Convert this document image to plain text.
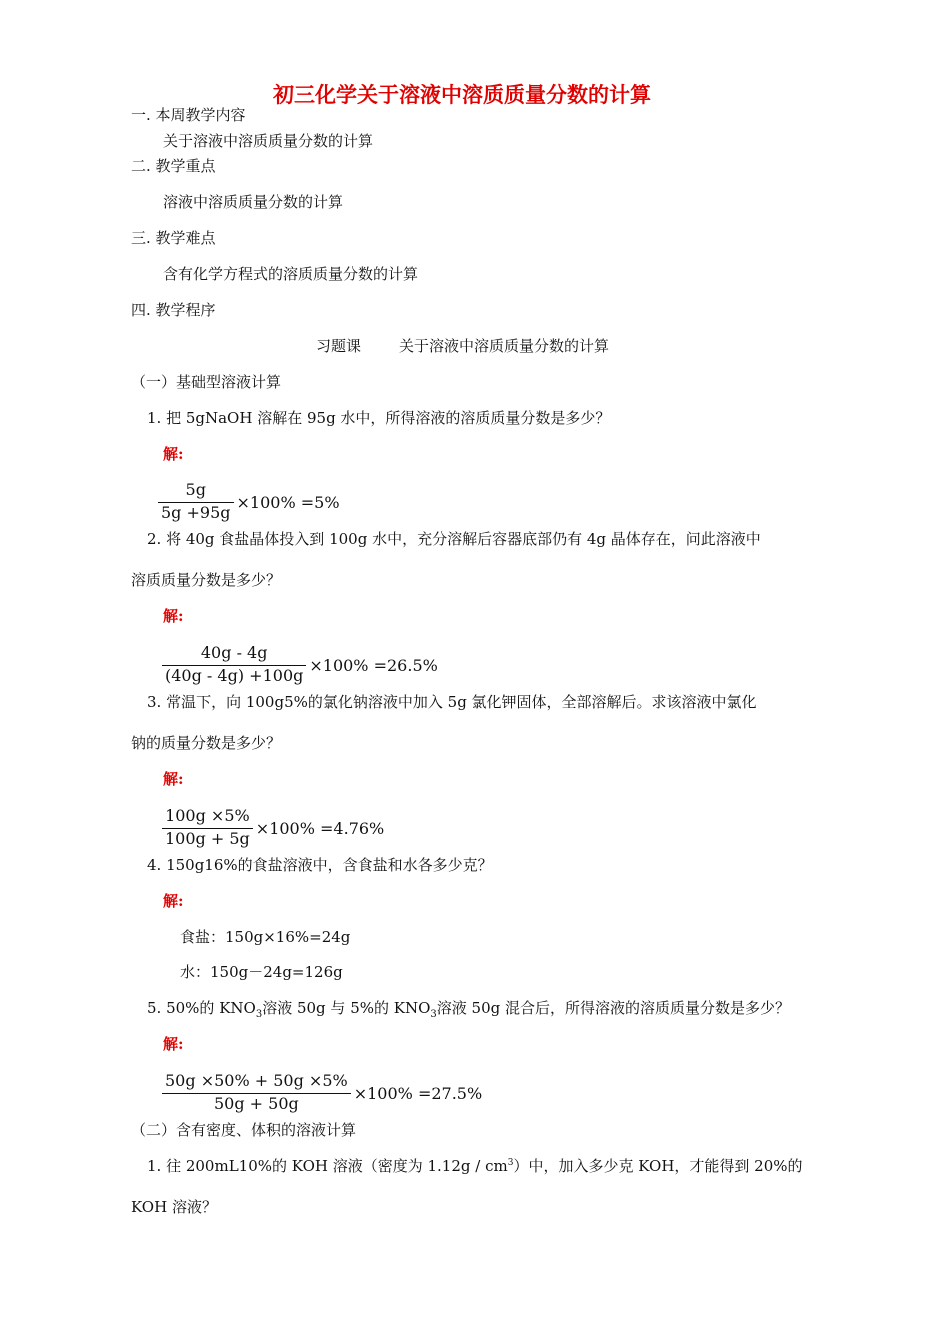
初三化学关于溶液中溶质质量分数的计算
一. 本周教学内容
关于溶液中溶质质量分数的计算
二. 教学重点
溶液中溶质质量分数的计算
三. 教学难点
含有化学方程式的溶质质量分数的计算
四. 教学程序
习题课	关于溶液中溶质质量分数的计算
（一）基础型溶液计算
1. 把 5gNaOH 溶解在 95g 水中，所得溶液的溶质质量分数是多少？
解:
$\frac{5g}{5g +95g} \times 100\% =5\%$
2. 将 40g 食盐晶体投入到 100g 水中，充分溶解后容器底部仍有 4g 晶体存在，问此溶液中
溶质质量分数是多少？
解:
$\frac{40g - 4g}{(40g - 4g) +100g} \times 100\% =26.5\%$
3. 常温下，向 100g5%的氯化钠溶液中加入 5g 氯化钾固体，全部溶解后。求该溶液中氯化
钠的质量分数是多少？
解:
$\frac{100g \times 5\%}{100g + 5g} \times 100\% =4.76\%$
4. 150g16%的食盐溶液中，含食盐和水各多少克？
解:
食盐：150g×16%=24g
水：150g－24g=126g
5. 50%的 $KNO_3$溶液 50g 与 5%的 $KNO_3$溶液 50g 混合后，所得溶液的溶质质量分数是多少？
解:
$\frac{50g \times 50\% + 50g \times 5\%}{50g + 50g} \times 100\% =27.5\%$
（二）含有密度、体积的溶液计算
1. 往 200mL10%的 KOH 溶液（密度为 $1.12g / cm^3$）中，加入多少克 KOH，才能得到 20%的
KOH 溶液？
